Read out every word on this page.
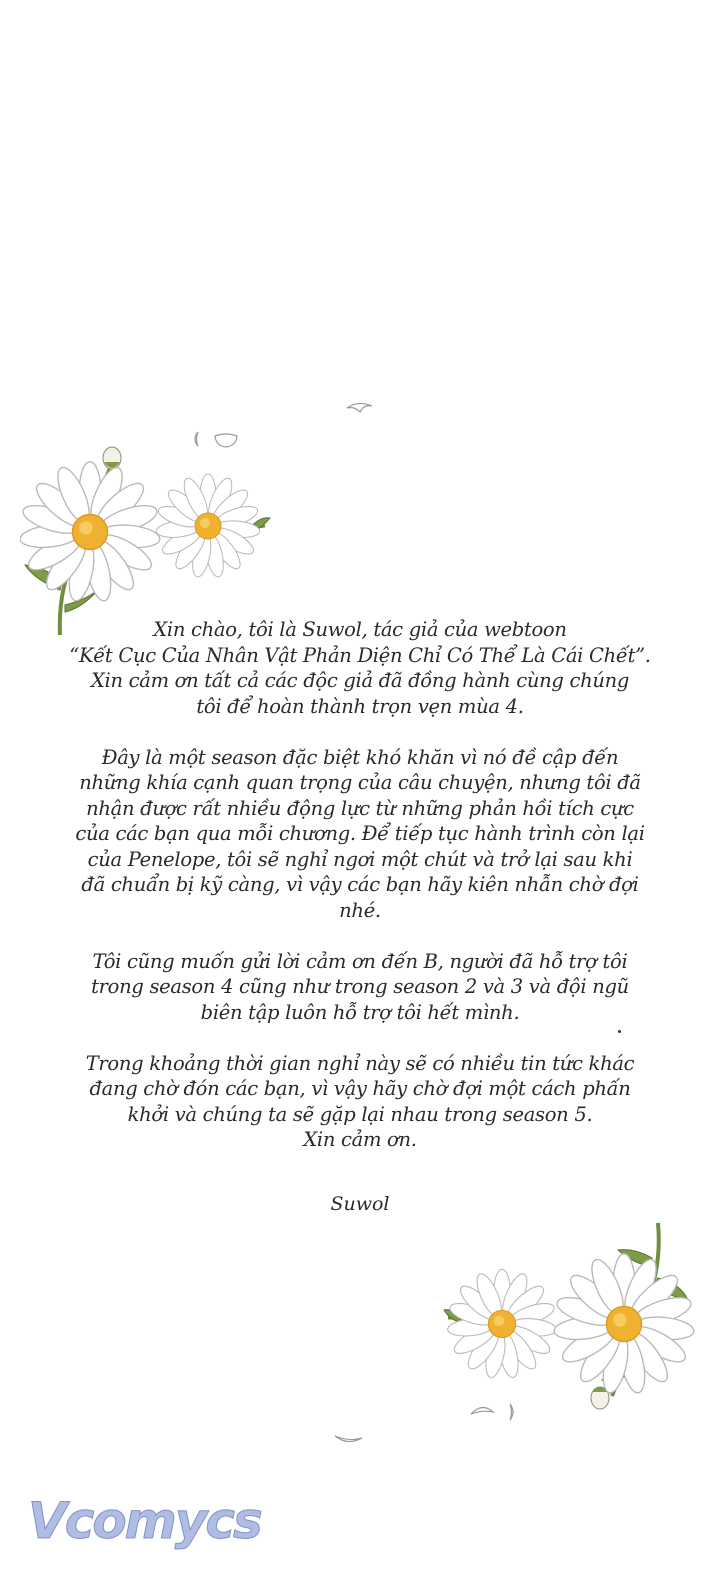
Xin chào, tôi là Suwol, tác giả của webtoon
“Kết Cục Của Nhân Vật Phản Diện Chỉ Có Thể Là Cái Chết”.
Xin cảm ơn tất cả các độc giả đã đồng hành cùng chúng
tôi để hoàn thành trọn vẹn mùa 4.
Đây là một season đặc biệt khó khăn vì nó đề cập đến
những khía cạnh quan trọng của câu chuyện, nhưng tôi đã
nhận được rất nhiều động lực từ những phản hồi tích cực
của các bạn qua mỗi chương. Để tiếp tục hành trình còn lại
của Penelope, tôi sẽ nghỉ ngơi một chút và trở lại sau khi
đã chuẩn bị kỹ càng, vì vậy các bạn hãy kiên nhẫn chờ đợi
nhé.
Tôi cũng muốn gửi lời cảm ơn đến B, người đã hỗ trợ tôi
trong season 4 cũng như trong season 2 và 3 và đội ngũ
biên tập luôn hỗ trợ tôi hết mình.
Trong khoảng thời gian nghỉ này sẽ có nhiều tin tức khác
đang chờ đón các bạn, vì vậy hãy chờ đợi một cách phấn
khởi và chúng ta sẽ gặp lại nhau trong season 5.
Xin cảm ơn.
Suwol
Vcomycs
